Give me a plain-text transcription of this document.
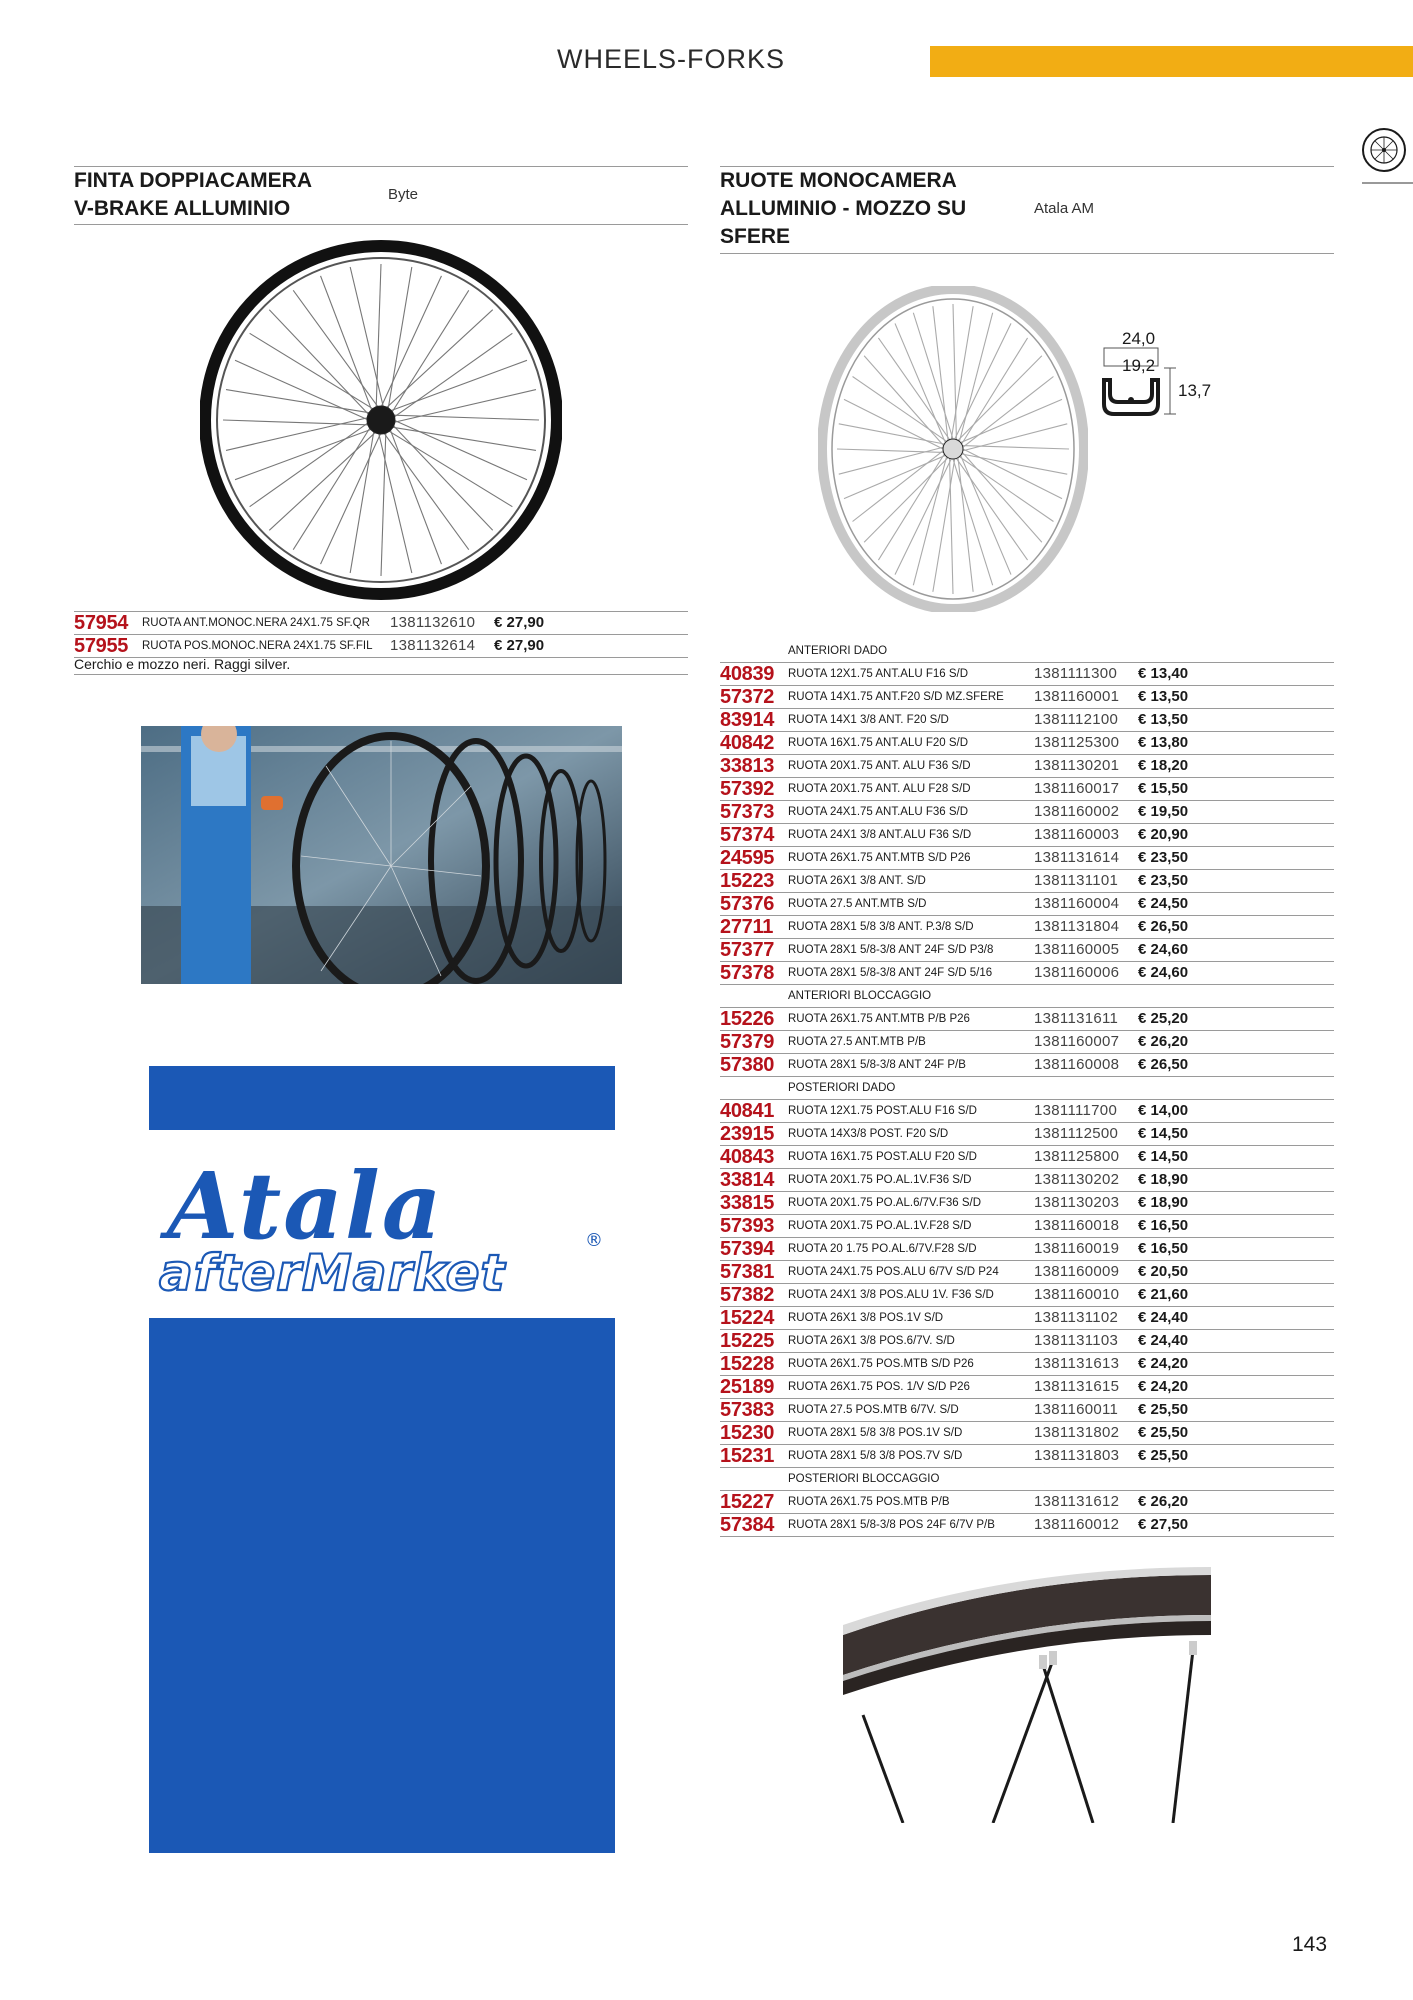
WHEELS-FORKS
FINTA DOPPIACAMERA
V-BRAKE ALLUMINIO
Byte
57954 RUOTA ANT.MONOC.NERA 24X1.75 SF.QR 1381132610 € 27,90
57955 RUOTA POS.MONOC.NERA 24X1.75 SF.FIL 1381132614 € 27,90
Cerchio e mozzo neri. Raggi silver.
Atala
afterMarket
®
RUOTE MONOCAMERA
ALLUMINIO - MOZZO SU
SFERE
Atala AM
24,0
19,2
13,7
ANTERIORI DADO
40839 RUOTA 12X1.75 ANT.ALU F16 S/D	1381111300 € 13,40
57372 RUOTA 14X1.75 ANT.F20 S/D MZ.SFERE 1381160001 € 13,50
83914 RUOTA 14X1 3/8 ANT. F20 S/D	1381112100 € 13,50
40842 RUOTA 16X1.75 ANT.ALU F20 S/D	1381125300 € 13,80
33813 RUOTA 20X1.75 ANT. ALU F36 S/D	1381130201 € 18,20
57392 RUOTA 20X1.75 ANT. ALU F28 S/D	1381160017 € 15,50
57373 RUOTA 24X1.75 ANT.ALU F36 S/D	1381160002 € 19,50
57374 RUOTA 24X1 3/8 ANT.ALU F36 S/D	1381160003 € 20,90
24595 RUOTA 26X1.75 ANT.MTB S/D P26	1381131614 € 23,50
15223 RUOTA 26X1 3/8 ANT. S/D	1381131101 € 23,50
57376 RUOTA 27.5 ANT.MTB S/D	1381160004 € 24,50
27711 RUOTA 28X1 5/8 3/8 ANT. P.3/8 S/D	1381131804 € 26,50
57377 RUOTA 28X1 5/8-3/8 ANT 24F S/D P3/8	1381160005 € 24,60
57378 RUOTA 28X1 5/8-3/8 ANT 24F S/D 5/16	1381160006 € 24,60
ANTERIORI BLOCCAGGIO
15226 RUOTA 26X1.75 ANT.MTB P/B P26	1381131611 € 25,20
57379 RUOTA 27.5 ANT.MTB P/B	1381160007 € 26,20
57380 RUOTA 28X1 5/8-3/8 ANT 24F P/B	1381160008 € 26,50
POSTERIORI DADO
40841 RUOTA 12X1.75 POST.ALU F16 S/D	1381111700 € 14,00
23915 RUOTA 14X3/8 POST. F20 S/D	1381112500 € 14,50
40843 RUOTA 16X1.75 POST.ALU F20 S/D	1381125800 € 14,50
33814 RUOTA 20X1.75 PO.AL.1V.F36 S/D	1381130202 € 18,90
33815 RUOTA 20X1.75 PO.AL.6/7V.F36 S/D	1381130203 € 18,90
57393 RUOTA 20X1.75 PO.AL.1V.F28 S/D	1381160018 € 16,50
57394 RUOTA 20 1.75 PO.AL.6/7V.F28 S/D	1381160019 € 16,50
57381 RUOTA 24X1.75 POS.ALU 6/7V S/D P24 1381160009 € 20,50
57382 RUOTA 24X1 3/8 POS.ALU 1V. F36 S/D	1381160010 € 21,60
15224 RUOTA 26X1 3/8 POS.1V S/D	1381131102 € 24,40
15225 RUOTA 26X1 3/8 POS.6/7V. S/D	1381131103 € 24,40
15228 RUOTA 26X1.75 POS.MTB S/D P26	1381131613 € 24,20
25189 RUOTA 26X1.75 POS. 1/V S/D P26	1381131615 € 24,20
57383 RUOTA 27.5 POS.MTB 6/7V. S/D	1381160011 € 25,50
15230 RUOTA 28X1 5/8 3/8 POS.1V S/D	1381131802 € 25,50
15231 RUOTA 28X1 5/8 3/8 POS.7V S/D	1381131803 € 25,50
POSTERIORI BLOCCAGGIO
15227 RUOTA 26X1.75 POS.MTB P/B	1381131612 € 26,20
57384 RUOTA 28X1 5/8-3/8 POS 24F 6/7V P/B	1381160012 € 27,50
143
